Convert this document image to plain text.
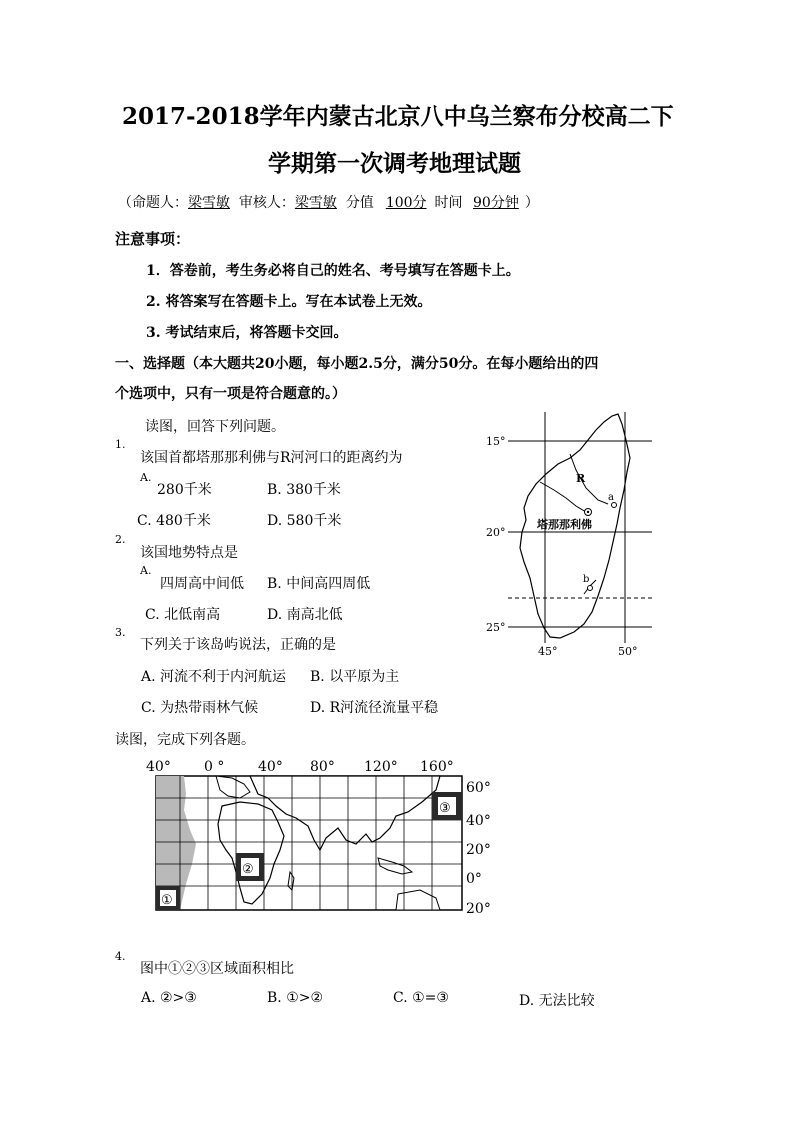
2017-2018学年内蒙古北京八中乌兰察布分校高二下
学期第一次调考地理试题
（命题人：梁雪敏 审核人：梁雪敏 分值 100分 时间 90分钟 ）
注意事项：
1．答卷前，考生务必将自己的姓名、考号填写在答题卡上。
2. 将答案写在答题卡上。写在本试卷上无效。
3. 考试结束后，将答题卡交回。
一、选择题（本大题共20小题，每小题2.5分，满分50分。在每小题给出的四
个选项中，只有一项是符合题意的。）
读图，回答下列问题。
1.
该国首都塔那那利佛与R河河口的距离约为
A.
280千米	B. 380千米
C. 480千米	D. 580千米
2.
该国地势特点是
A.
四周高中间低 B. 中间高四周低
C. 北低南高	D. 南高北低
3.
下列关于该岛屿说法，正确的是
A. 河流不利于内河航运 B. 以平原为主
C. 为热带雨林气候	D. R河流径流量平稳
R
a
b
塔那那利佛
15°
20°
25°
45°	50°
读图，完成下列各题。
40° 0 ° 40° 80° 120° 160°
60°
40°
20°
0°
20°
①
②
③
4.
图中①②③区域面积相比
A. ②>③	B. ①>②	C. ①=③	D. 无法比较
